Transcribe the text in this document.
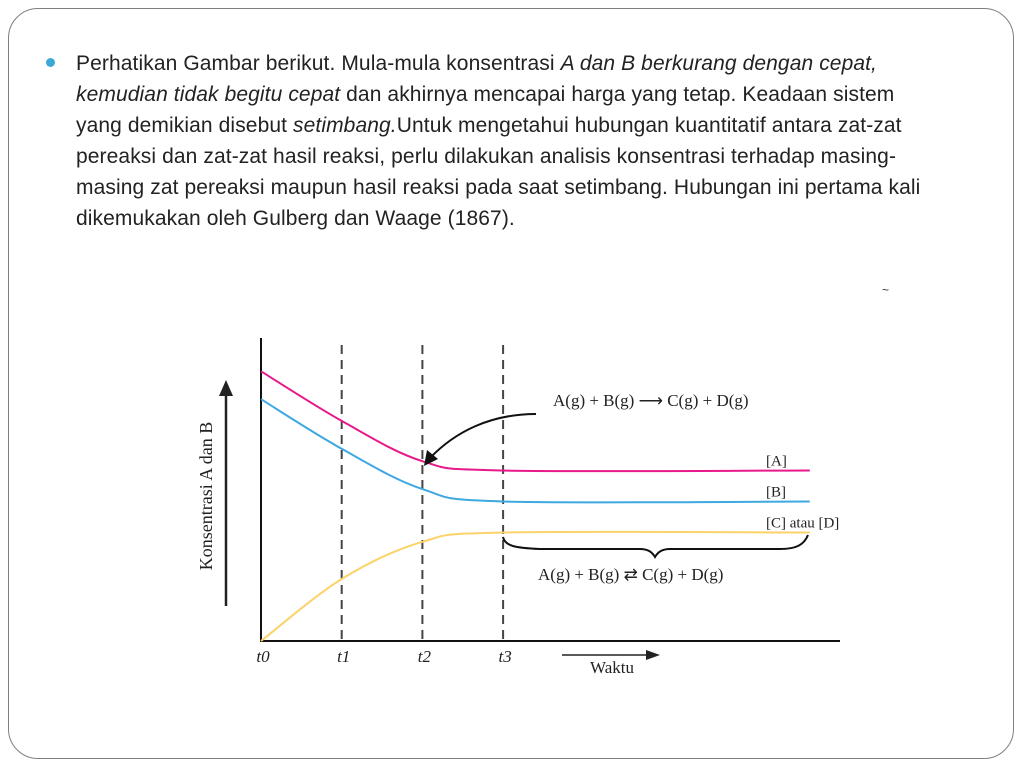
Perhatikan Gambar berikut. Mula-mula konsentrasi A dan B berkurang dengan cepat, kemudian tidak begitu cepat dan akhirnya mencapai harga yang tetap. Keadaan sistem yang demikian disebut setimbang.Untuk mengetahui hubungan kuantitatif antara zat-zat pereaksi dan zat-zat hasil reaksi, perlu dilakukan analisis konsentrasi terhadap masing-masing zat pereaksi maupun hasil reaksi pada saat setimbang. Hubungan ini pertama kali dikemukakan oleh Gulberg dan Waage (1867).
~
Konsentrasi A dan B	[A]
[B]
[C] atau [D]
t0	t1	t2	t3
Waktu
A(g) + B(g) ⟶ C(g) + D(g)
A(g) + B(g) ⇄ C(g) + D(g)
